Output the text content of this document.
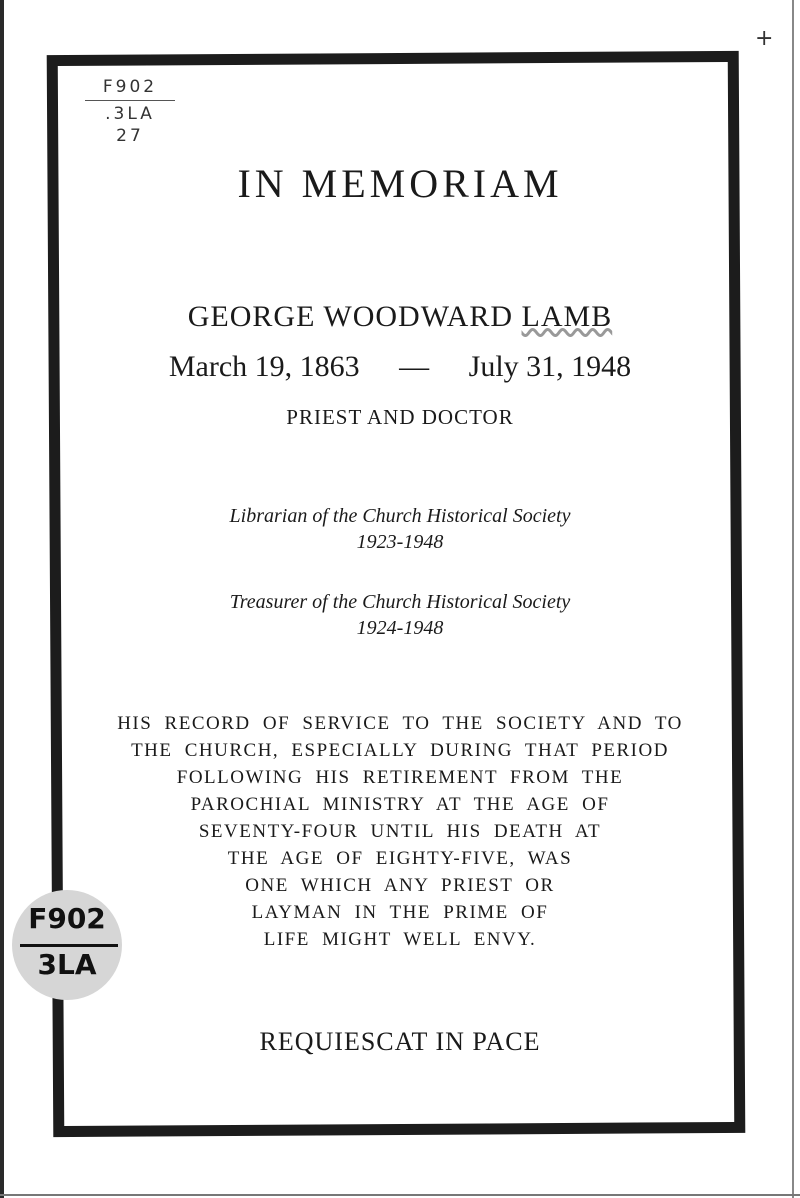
+
F902
.3LA
27
IN MEMORIAM
GEORGE WOODWARD LAMB
March 19, 1863 — July 31, 1948
PRIEST AND DOCTOR
Librarian of the Church Historical Society
1923-1948
Treasurer of the Church Historical Society
1924-1948
HIS RECORD OF SERVICE TO THE SOCIETY AND TO
THE CHURCH, ESPECIALLY DURING THAT PERIOD
FOLLOWING HIS RETIREMENT FROM THE
PAROCHIAL MINISTRY AT THE AGE OF
SEVENTY-FOUR UNTIL HIS DEATH AT
THE AGE OF EIGHTY-FIVE, WAS
ONE WHICH ANY PRIEST OR
LAYMAN IN THE PRIME OF
LIFE MIGHT WELL ENVY.
REQUIESCAT IN PACE
F902
3LA
